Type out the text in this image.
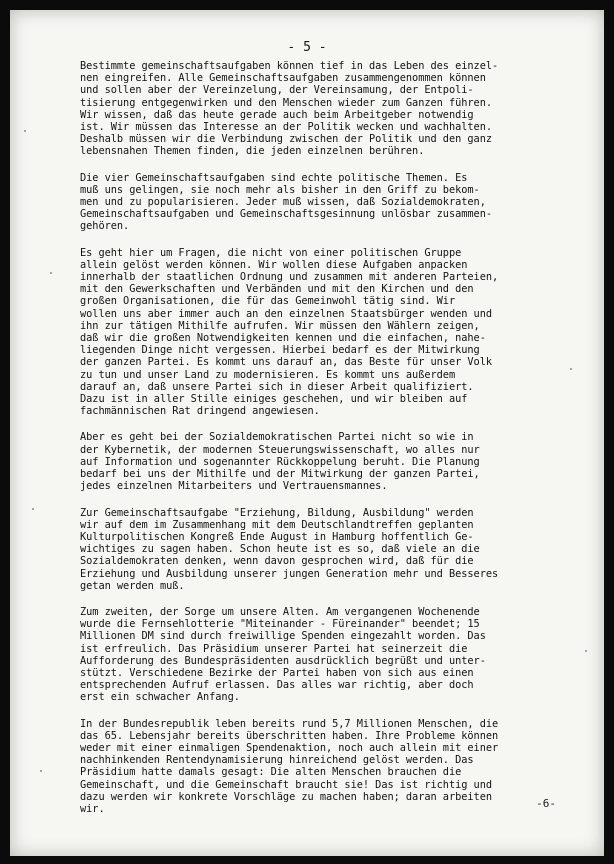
- 5 -
Bestimmte gemeinschaftsaufgaben können tief in das Leben des einzel-
nen eingreifen. Alle Gemeinschaftsaufgaben zusammengenommen können
und sollen aber der Vereinzelung, der Vereinsamung, der Entpoli-
tisierung entgegenwirken und den Menschen wieder zum Ganzen führen.
Wir wissen, daß das heute gerade auch beim Arbeitgeber notwendig
ist. Wir müssen das Interesse an der Politik wecken und wachhalten.
Deshalb müssen wir die Verbindung zwischen der Politik und den ganz
lebensnahen Themen finden, die jeden einzelnen berühren.
Die vier Gemeinschaftsaufgaben sind echte politische Themen. Es
muß uns gelingen, sie noch mehr als bisher in den Griff zu bekom-
men und zu popularisieren. Jeder muß wissen, daß Sozialdemokraten,
Gemeinschaftsaufgaben und Gemeinschaftsgesinnung unlösbar zusammen-
gehören.
Es geht hier um Fragen, die nicht von einer politischen Gruppe
allein gelöst werden können. Wir wollen diese Aufgaben anpacken
innerhalb der staatlichen Ordnung und zusammen mit anderen Parteien,
mit den Gewerkschaften und Verbänden und mit den Kirchen und den
großen Organisationen, die für das Gemeinwohl tätig sind. Wir
wollen uns aber immer auch an den einzelnen Staatsbürger wenden und
ihn zur tätigen Mithilfe aufrufen. Wir müssen den Wählern zeigen,
daß wir die großen Notwendigkeiten kennen und die einfachen, nahe-
liegenden Dinge nicht vergessen. Hierbei bedarf es der Mitwirkung
der ganzen Partei. Es kommt uns darauf an, das Beste für unser Volk
zu tun und unser Land zu modernisieren. Es kommt uns außerdem
darauf an, daß unsere Partei sich in dieser Arbeit qualifiziert.
Dazu ist in aller Stille einiges geschehen, und wir bleiben auf
fachmännischen Rat dringend angewiesen.
Aber es geht bei der Sozialdemokratischen Partei nicht so wie in
der Kybernetik, der modernen Steuerungswissenschaft, wo alles nur
auf Information und sogenannter Rückkoppelung beruht. Die Planung
bedarf bei uns der Mithilfe und der Mitwirkung der ganzen Partei,
jedes einzelnen Mitarbeiters und Vertrauensmannes.
Zur Gemeinschaftsaufgabe "Erziehung, Bildung, Ausbildung" werden
wir auf dem im Zusammenhang mit dem Deutschlandtreffen geplanten
Kulturpolitischen Kongreß Ende August in Hamburg hoffentlich Ge-
wichtiges zu sagen haben. Schon heute ist es so, daß viele an die
Sozialdemokraten denken, wenn davon gesprochen wird, daß für die
Erziehung und Ausbildung unserer jungen Generation mehr und Besseres
getan werden muß.
Zum zweiten, der Sorge um unsere Alten. Am vergangenen Wochenende
wurde die Fernsehlotterie "Miteinander - Füreinander" beendet; 15
Millionen DM sind durch freiwillige Spenden eingezahlt worden. Das
ist erfreulich. Das Präsidium unserer Partei hat seinerzeit die
Aufforderung des Bundespräsidenten ausdrücklich begrüßt und unter-
stützt. Verschiedene Bezirke der Partei haben von sich aus einen
entsprechenden Aufruf erlassen. Das alles war richtig, aber doch
erst ein schwacher Anfang.
In der Bundesrepublik leben bereits rund 5,7 Millionen Menschen, die
das 65. Lebensjahr bereits überschritten haben. Ihre Probleme können
weder mit einer einmaligen Spendenaktion, noch auch allein mit einer
nachhinkenden Rentendynamisierung hinreichend gelöst werden. Das
Präsidium hatte damals gesagt: Die alten Menschen brauchen die
Gemeinschaft, und die Gemeinschaft braucht sie! Das ist richtig und
dazu werden wir konkrete Vorschläge zu machen haben; daran arbeiten
wir.	-6-
